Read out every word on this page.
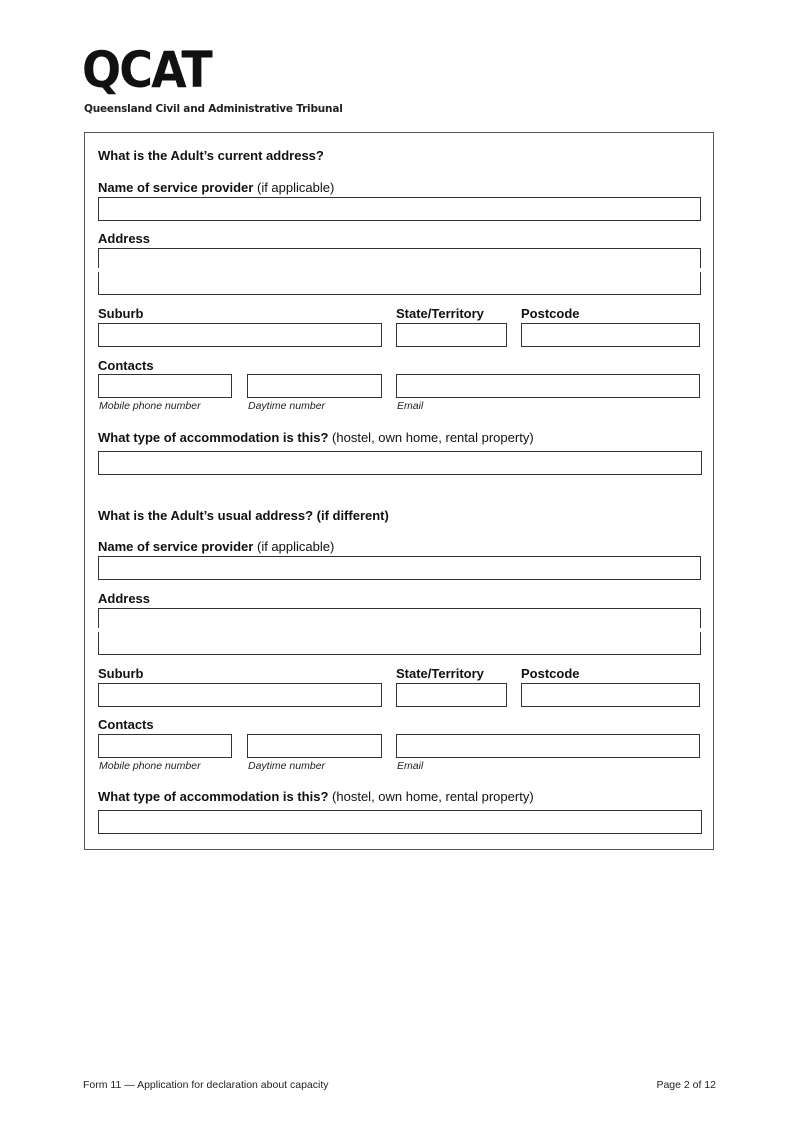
QCAT
Queensland Civil and Administrative Tribunal
What is the Adult’s current address?
Name of service provider (if applicable)
Address
Suburb	State/Territory	Postcode
Contacts
Mobile phone number	Daytime number	Email
What type of accommodation is this? (hostel, own home, rental property)
What is the Adult’s usual address? (if different)
Name of service provider (if applicable)
Address
Suburb	State/Territory	Postcode
Contacts
Mobile phone number	Daytime number	Email
What type of accommodation is this? (hostel, own home, rental property)
Form 11 — Application for declaration about capacity	Page 2 of 12
